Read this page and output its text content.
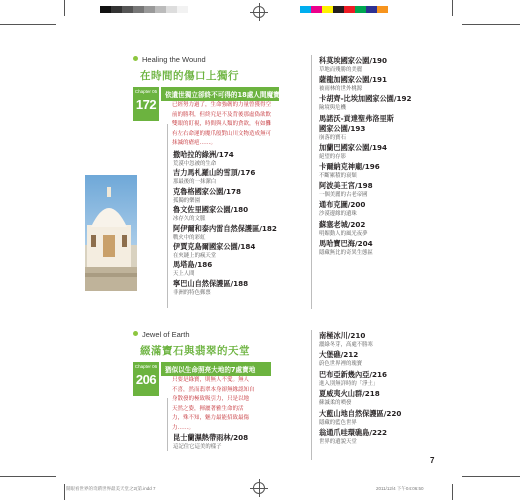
Healing the Wound
在時間的傷口上獨行
Chapter 05
172
依遺世獨立卻終不可得的18處人間魔寶
已經努力過了，生命強韌的力量曾獲得空
前的勝利，但終究是不及背後那虛偽欲飲
雙眼的盯視，時間與人類的貪欲，有如攤
有左右命運的魔爪般對山川文物造成無可
抹滅的瘡疤……。
撒哈拉的綠洲/174
荒漠中忽被的生命
吉力馬札羅山的雪頂/176
那最後的一抹潔白
克魯格國家公園/178
孤獨的樂園
魯文佐里國家公園/180
冰存久的文脈
阿伊爾和泰内雷自然保護區/182
戰火中的彩虹
伊賈克島爾國家公園/184
在夾縫上的瘋天堂
馬塔島/186
天上人間
寧巴山自然保護區/188
非洲的特色郵票
科莫埃國家公園/190
草地而殘勝的美麗
薩龍加國家公園/191
被雨林的世外桃源
卡胡齊-比埃加國家公園/192
險境與危機
馬諾沃-貢達聖弗洛里斯
國家公園/193
崩落的寶石
加蘭巴國家公園/194
絕望的存影
卡爾納克神廟/196
不斷累積的衰頹
阿波美王宮/198
一個美麗的古老帝國
通布克圖/200
沙漠邊緣的遺珠
蘇塞老城/202
明媚動人的風光夜夢
馬哈寶巴海/204
隱藏無比的奇異生態區
Jewel of Earth
綴滿寶石與翡翠的天堂
Chapter 06
206
猶似以生命照亮大地的7處寶地
只要是綠寶，則無人不愛。無人
不喜，然而翡翠本身卻無緣認知自
身散發的極致吸引力，只是以地
天然之姿，揮灑著雅生命的活
力，殊不知，魅力最能招致最傷
力……。
昆士蘭濕熱帶雨林/208
這記住它這美的樣子
南極冰川/210
灑綠冬芽，高處不勝寒
大堡礁/212
蔚色世界裡的瑰寶
巴布亞新幾內亞/216
進入別無詳時的「淨土」
夏威夷火山群/218
蘇滅柔的噴發
大藍山地自然保護區/220
隱藏的藍色世界
翁通爪哇環礁島/222
世界的遺貌天堂
7
開眼看世界的奇蹟世界最美天堂之2(第.indd 7	2011/12/4 下午04:06:50
